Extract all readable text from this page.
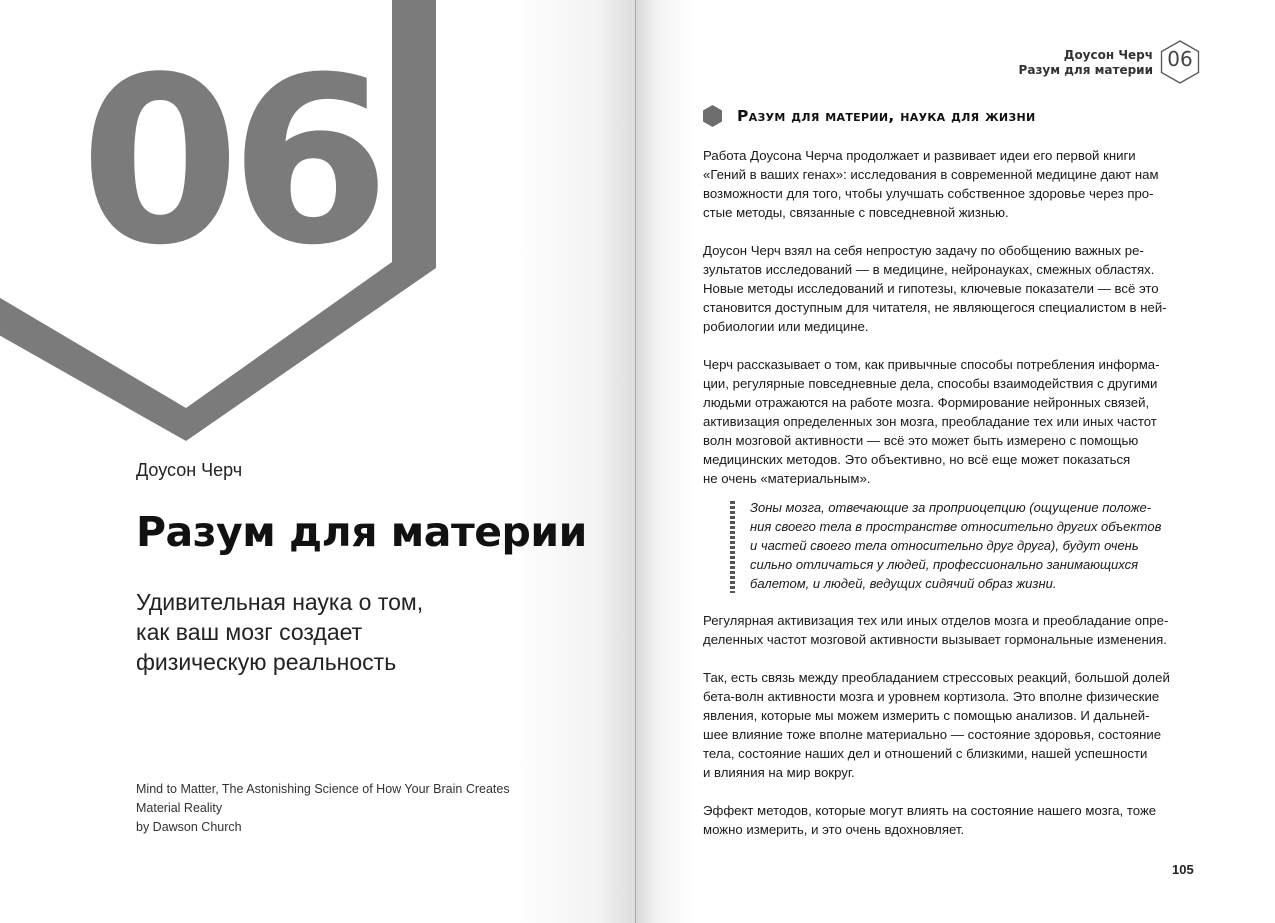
06
Доусон Черч
Разум для материи
Удивительная наука о том,
как ваш мозг создает
физическую реальность
Mind to Matter, The Astonishing Science of How Your Brain Creates
Material Reality
by Dawson Church
Доусон Черч
Разум для материи 06
Разум для материи, наука для жизни
Работа Доусона Черча продолжает и развивает идеи его первой книги
«Гений в ваших генах»: исследования в современной медицине дают нам
возможности для того, чтобы улучшать собственное здоровье через про-
стые методы, связанные с повседневной жизнью.
Доусон Черч взял на себя непростую задачу по обобщению важных ре-
зультатов исследований — в медицине, нейронауках, смежных областях.
Новые методы исследований и гипотезы, ключевые показатели — всё это
становится доступным для читателя, не являющегося специалистом в ней-
робиологии или медицине.
Черч рассказывает о том, как привычные способы потребления информа-
ции, регулярные повседневные дела, способы взаимодействия с другими
людьми отражаются на работе мозга. Формирование нейронных связей,
активизация определенных зон мозга, преобладание тех или иных частот
волн мозговой активности — всё это может быть измерено с помощью
медицинских методов. Это объективно, но всё еще может показаться
не очень «материальным».
Зоны мозга, отвечающие за проприоцепцию (ощущение положе-
ния своего тела в пространстве относительно других объектов
и частей своего тела относительно друг друга), будут очень
сильно отличаться у людей, профессионально занимающихся
балетом, и людей, ведущих сидячий образ жизни.
Регулярная активизация тех или иных отделов мозга и преобладание опре-
деленных частот мозговой активности вызывает гормональные изменения.
Так, есть связь между преобладанием стрессовых реакций, большой долей
бета-волн активности мозга и уровнем кортизола. Это вполне физические
явления, которые мы можем измерить с помощью анализов. И дальней-
шее влияние тоже вполне материально — состояние здоровья, состояние
тела, состояние наших дел и отношений с близкими, нашей успешности
и влияния на мир вокруг.
Эффект методов, которые могут влиять на состояние нашего мозга, тоже
можно измерить, и это очень вдохновляет.
105
